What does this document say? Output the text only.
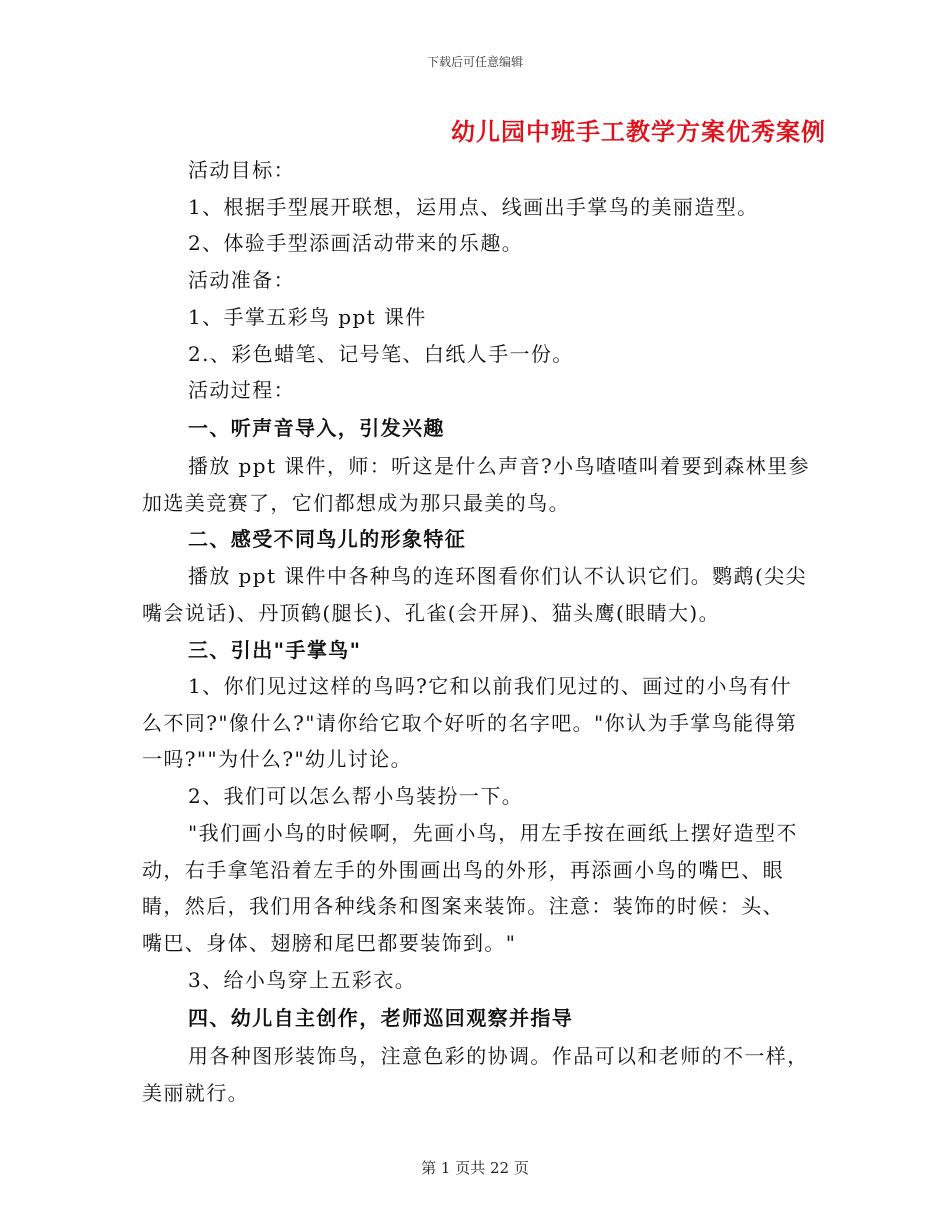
下载后可任意编辑
幼儿园中班手工教学方案优秀案例
活动目标：
1、根据手型展开联想，运用点、线画出手掌鸟的美丽造型。
2、体验手型添画活动带来的乐趣。
活动准备：
1、手掌五彩鸟 ppt 课件
2.、彩色蜡笔、记号笔、白纸人手一份。
活动过程：
一、听声音导入，引发兴趣
播放 ppt 课件，师：听这是什么声音?小鸟喳喳叫着要到森林里参
加选美竞赛了，它们都想成为那只最美的鸟。
二、感受不同鸟儿的形象特征
播放 ppt 课件中各种鸟的连环图看你们认不认识它们。鹦鹉(尖尖
嘴会说话)、丹顶鹤(腿长)、孔雀(会开屏)、猫头鹰(眼睛大)。
三、引出"手掌鸟"
1、你们见过这样的鸟吗?它和以前我们见过的、画过的小鸟有什
么不同?"像什么?"请你给它取个好听的名字吧。"你认为手掌鸟能得第
一吗?""为什么?"幼儿讨论。
2、我们可以怎么帮小鸟装扮一下。
"我们画小鸟的时候啊，先画小鸟，用左手按在画纸上摆好造型不
动，右手拿笔沿着左手的外围画出鸟的外形，再添画小鸟的嘴巴、眼
睛，然后，我们用各种线条和图案来装饰。注意：装饰的时候：头、
嘴巴、身体、翅膀和尾巴都要装饰到。"
3、给小鸟穿上五彩衣。
四、幼儿自主创作，老师巡回观察并指导
用各种图形装饰鸟，注意色彩的协调。作品可以和老师的不一样，
美丽就行。
第 1 页共 22 页
